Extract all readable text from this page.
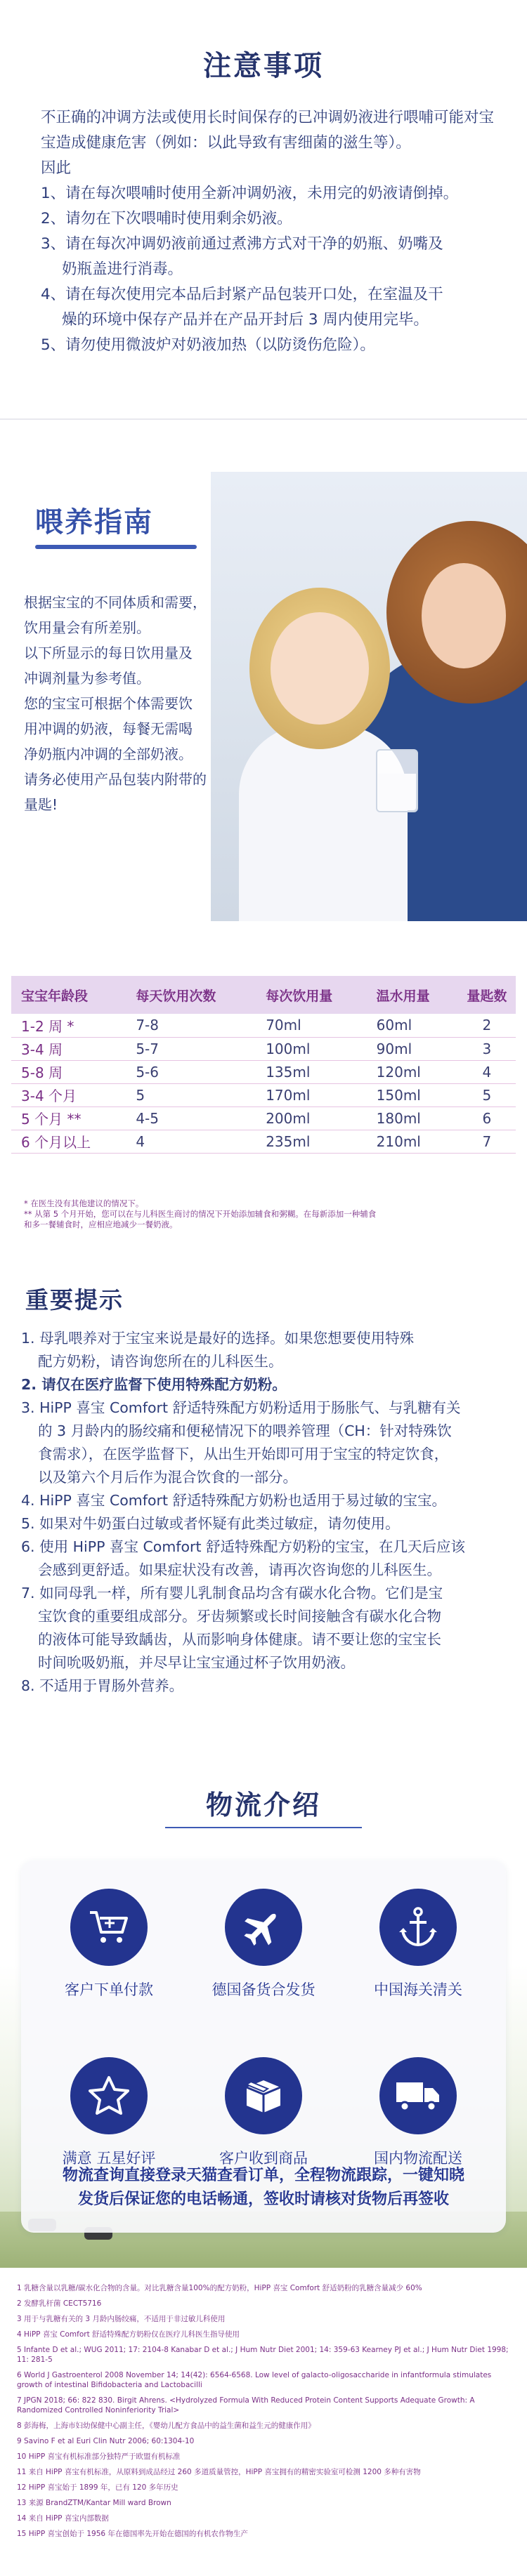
注意事项

不正确的冲调方法或使用长时间保存的已冲调奶液进行喂哺可能对宝宝造成健康危害（例如：以此导致有害细菌的滋生等）。

因此

1、请在每次喂哺时使用全新冲调奶液，未用完的奶液请倒掉。

2、请勿在下次喂哺时使用剩余奶液。

3、请在每次冲调奶液前通过煮沸方式对干净的奶瓶、奶嘴及

奶瓶盖进行消毒。

4、请在每次使用完本品后封紧产品包装开口处，在室温及干

燥的环境中保存产品并在产品开封后 3 周内使用完毕。

5、请勿使用微波炉对奶液加热（以防烫伤危险）。

喂养指南
根据宝宝的不同体质和需要，
饮用量会有所差别。
以下所显示的每日饮用量及
冲调剂量为参考值。
您的宝宝可根据个体需要饮
用冲调的奶液，每餐无需喝
净奶瓶内冲调的全部奶液。
请务必使用产品包装内附带的
量匙!
宝宝年龄段	每天饮用次数	每次饮用量	温水用量	量匙数
1-2 周 *	7-8	70ml	60ml	2
3-4 周	5-7	100ml	90ml	3
5-8 周	5-6	135ml	120ml	4
3-4 个月	5	170ml	150ml	5
5 个月 **	4-5	200ml	180ml	6
6 个月以上	4	235ml	210ml	7

* 在医生没有其他建议的情况下。

** 从第 5 个月开始，您可以在与儿科医生商讨的情况下开始添加辅食和粥糊。在每新添加一种辅食

和多一餐辅食时，应相应地减少一餐奶液。

重要提示

1. 母乳喂养对于宝宝来说是最好的选择。如果您想要使用特殊

配方奶粉，请咨询您所在的儿科医生。

2. 请仅在医疗监督下使用特殊配方奶粉。

3. HiPP 喜宝 Comfort 舒适特殊配方奶粉适用于肠胀气、与乳糖有关

的 3 月龄内的肠绞痛和便秘情况下的喂养管理（CH：针对特殊饮

食需求），在医学监督下，从出生开始即可用于宝宝的特定饮食，

以及第六个月后作为混合饮食的一部分。

4. HiPP 喜宝 Comfort 舒适特殊配方奶粉也适用于易过敏的宝宝。

5. 如果对牛奶蛋白过敏或者怀疑有此类过敏症，请勿使用。

6. 使用 HiPP 喜宝 Comfort 舒适特殊配方奶粉的宝宝，在几天后应该

会感到更舒适。如果症状没有改善，请再次咨询您的儿科医生。

7. 如同母乳一样，所有婴儿乳制食品均含有碳水化合物。它们是宝

宝饮食的重要组成部分。牙齿频繁或长时间接触含有碳水化合物

的液体可能导致龋齿，从而影响身体健康。请不要让您的宝宝长

时间吮吸奶瓶，并尽早让宝宝通过杯子饮用奶液。

8. 不适用于胃肠外营养。

物流介绍
客户下单付款	德国备货合发货	中国海关清关
满意 五星好评	客户收到商品	国内物流配送
物流查询直接登录天猫查看订单，全程物流跟踪，一键知晓
发货后保证您的电话畅通，签收时请核对货物后再签收

1 乳糖含量以乳糖/碳水化合物的含量。对比乳糖含量100%的配方奶粉，HiPP 喜宝 Comfort 舒适奶粉的乳糖含量减少 60%

2 发酵乳杆菌 CECT5716

3 用于与乳糖有关的 3 月龄内肠绞痛，不适用于非过敏儿科使用

4 HiPP 喜宝 Comfort 舒适特殊配方奶粉仅在医疗儿科医生指导使用

5 Infante D et al.; WUG 2011; 17: 2104-8 Kanabar D et al.; J Hum Nutr Diet 2001; 14: 359-63 Kearney PJ et al.; J Hum Nutr Diet 1998; 11: 281-5

6 World J Gastroenterol 2008 November 14; 14(42): 6564-6568. Low level of galacto-oligosaccharide in infantformula stimulates growth of intestinal Bifidobacteria and Lactobacilli

7 JPGN 2018; 66: 822 830. Birgit Ahrens. <Hydrolyzed Formula With Reduced Protein Content Supports Adequate Growth: A Randomized Controlled Noninferiority Trial>

8 彭海梅，上海市妇幼保健中心副主任，《婴幼儿配方食品中的益生菌和益生元的健康作用》

9 Savino F et al Euri Clin Nutr 2006; 60:1304-10

10 HiPP 喜宝有机标准部分独特严于欧盟有机标准

11 来自 HiPP 喜宝有机标准，从原料到成品经过 260 多道质量管控，HiPP 喜宝拥有的精密实验室可检测 1200 多种有害物

12 HiPP 喜宝始于 1899 年，已有 120 多年历史

13 来源 BrandZTM/Kantar Mill ward Brown

14 来自 HiPP 喜宝内部数据

15 HiPP 喜宝创始于 1956 年在德国率先开始在德国的有机农作物生产
